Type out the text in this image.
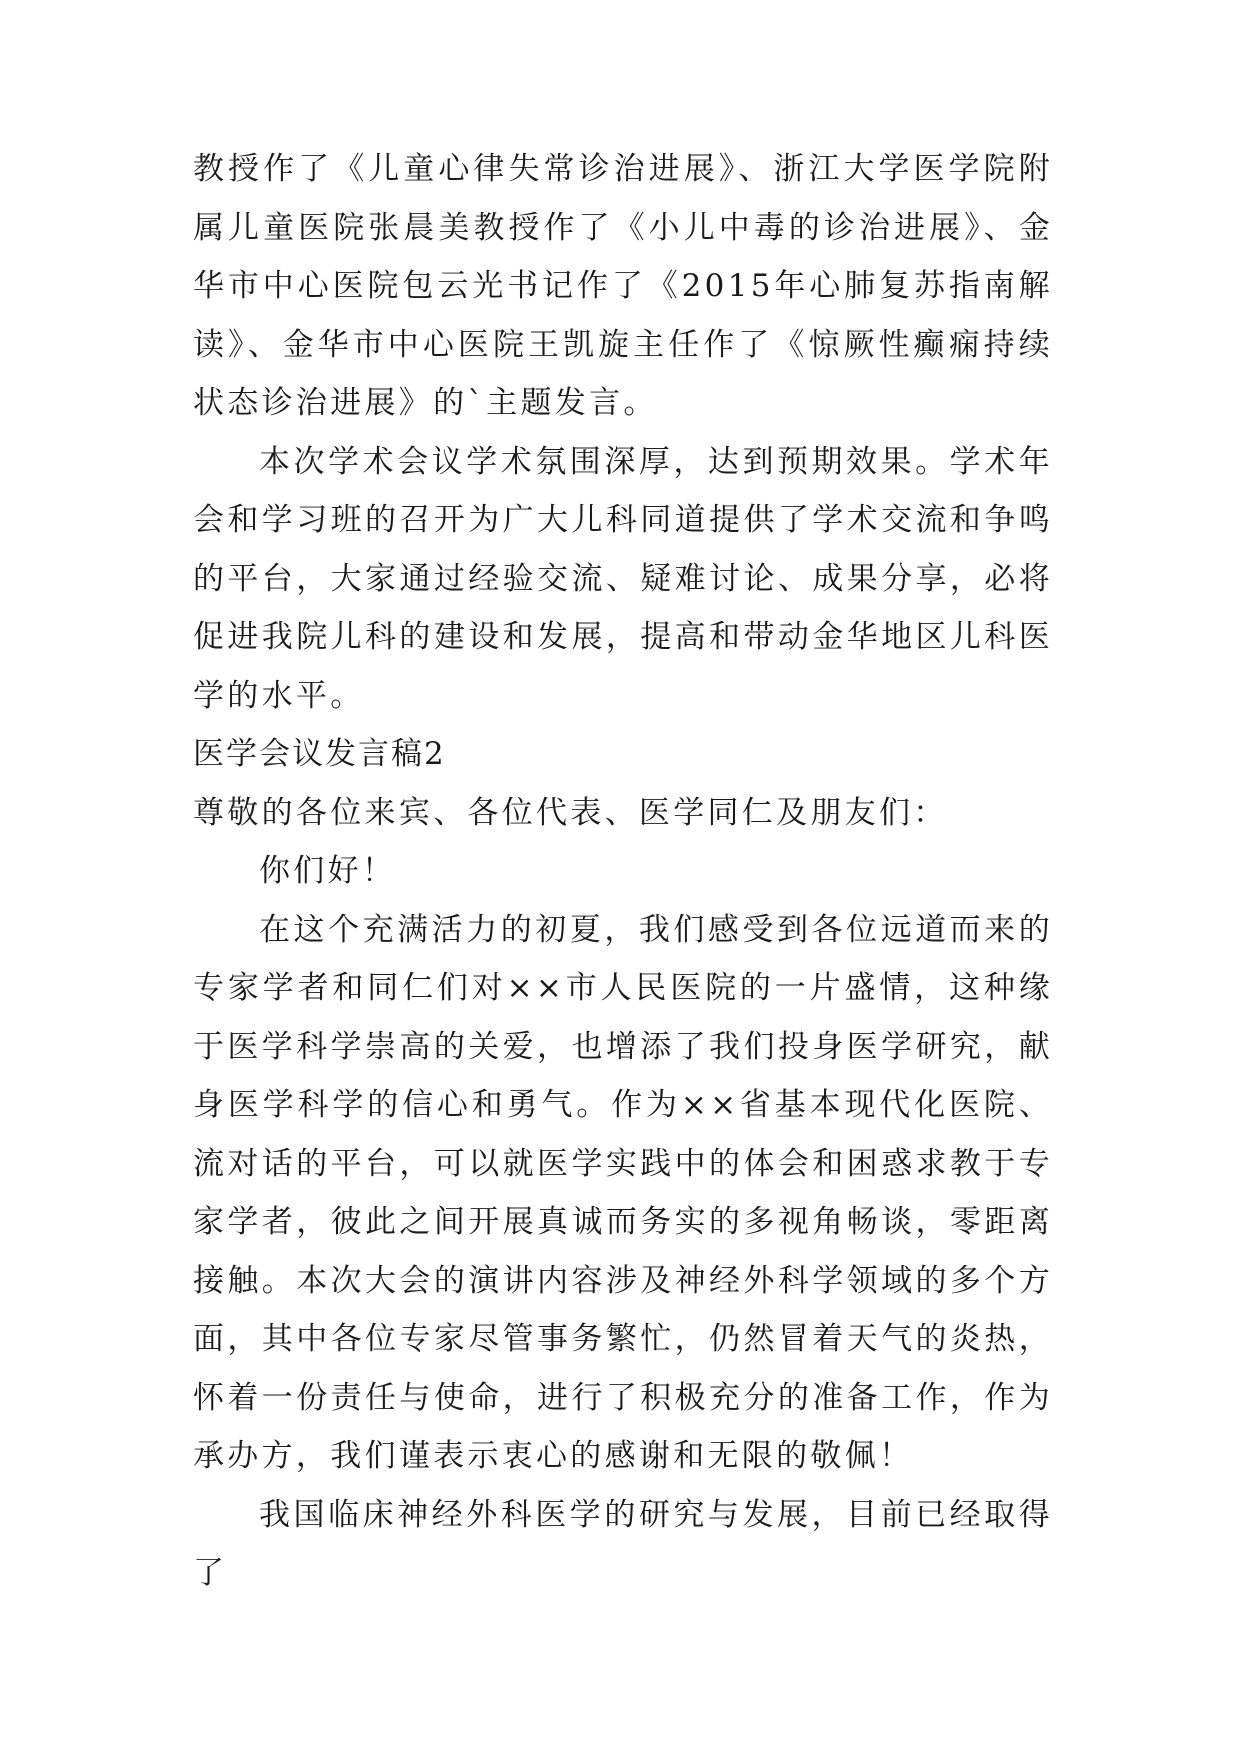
教授作了《儿童心律失常诊治进展》、浙江大学医学院附属儿童医院张晨美教授作了《小儿中毒的诊治进展》、金华市中心医院包云光书记作了《2015年心肺复苏指南解读》、金华市中心医院王凯旋主任作了《惊厥性癫痫持续状态诊治进展》的`主题发言。

本次学术会议学术氛围深厚，达到预期效果。学术年会和学习班的召开为广大儿科同道提供了学术交流和争鸣的平台，大家通过经验交流、疑难讨论、成果分享，必将促进我院儿科的建设和发展，提高和带动金华地区儿科医学的水平。

医学会议发言稿2

尊敬的各位来宾、各位代表、医学同仁及朋友们：

你们好！

在这个充满活力的初夏，我们感受到各位远道而来的专家学者和同仁们对××市人民医院的一片盛情，这种缘于医学科学崇高的关爱，也增添了我们投身医学研究，献身医学科学的信心和勇气。作为××省基本现代化医院、流对话的平台，可以就医学实践中的体会和困惑求教于专家学者，彼此之间开展真诚而务实的多视角畅谈，零距离接触。本次大会的演讲内容涉及神经外科学领域的多个方面，其中各位专家尽管事务繁忙，仍然冒着天气的炎热，怀着一份责任与使命，进行了积极充分的准备工作，作为承办方，我们谨表示衷心的感谢和无限的敬佩！

我国临床神经外科医学的研究与发展，目前已经取得了
